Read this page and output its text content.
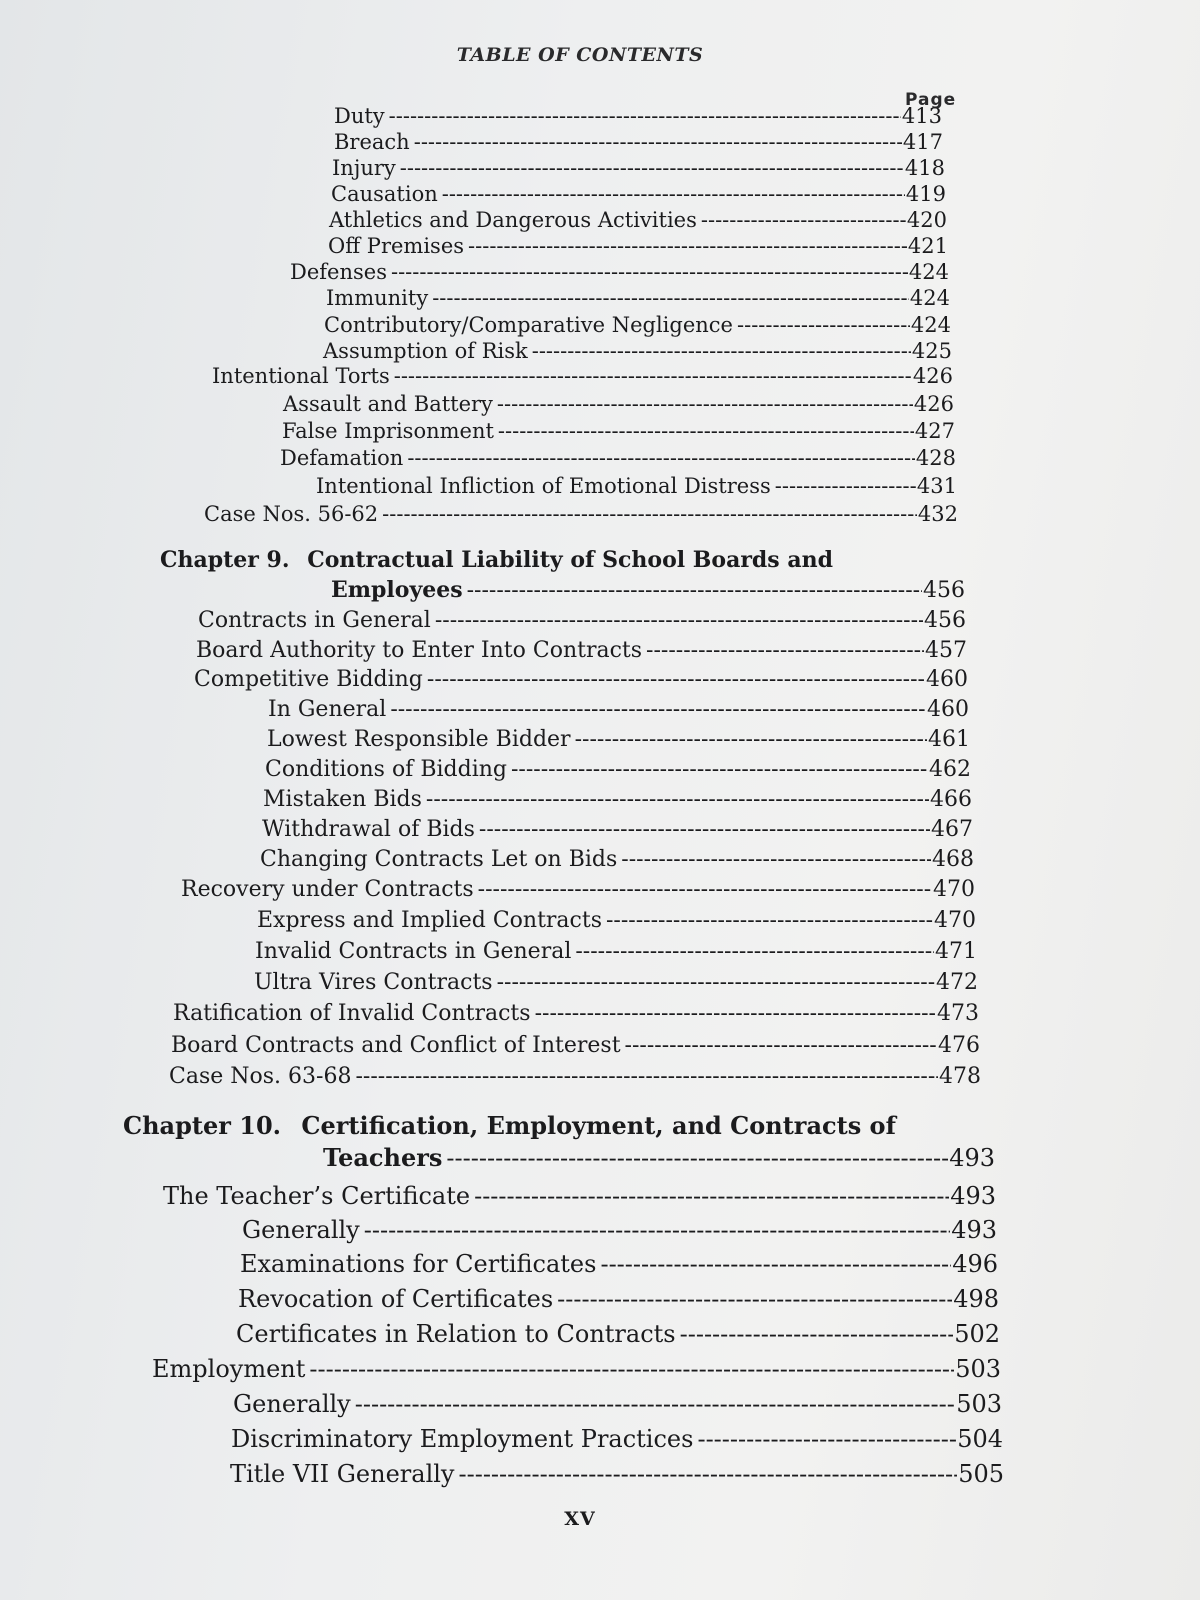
TABLE OF CONTENTS
Page
Duty -----	413
Breach -----	417
Injury -----	418
Causation -----	419
Athletics and Dangerous Activities -----	420
Off Premises -----	421
Defenses -----	424
Immunity -----	424
Contributory/Comparative Negligence -----	424
Assumption of Risk -----	425
Intentional Torts -----	426
Assault and Battery -----	426
False Imprisonment -----	427
Defamation -----	428
Intentional Infliction of Emotional Distress -----	431
Case Nos. 56-62 -----	432
Chapter 9. Contractual Liability of School Boards and
Employees -----	456
Contracts in General -----	456
Board Authority to Enter Into Contracts -----	457
Competitive Bidding -----	460
In General -----	460
Lowest Responsible Bidder -----	461
Conditions of Bidding -----	462
Mistaken Bids -----	466
Withdrawal of Bids -----	467
Changing Contracts Let on Bids -----	468
Recovery under Contracts -----	470
Express and Implied Contracts -----	470
Invalid Contracts in General -----	471
Ultra Vires Contracts -----	472
Ratification of Invalid Contracts -----	473
Board Contracts and Conflict of Interest -----	476
Case Nos. 63-68 -----	478
Chapter 10. Certification, Employment, and Contracts of
Teachers -----	493
The Teacher’s Certificate -----	493
Generally -----	493
Examinations for Certificates -----	496
Revocation of Certificates -----	498
Certificates in Relation to Contracts -----	502
Employment -----	503
Generally -----	503
Discriminatory Employment Practices -----	504
Title VII Generally -----	505
XV
